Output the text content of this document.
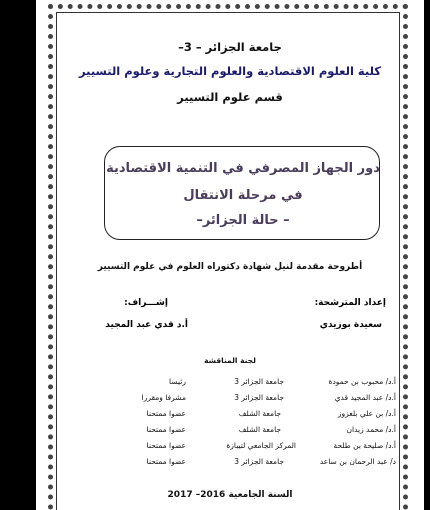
جامعة الجزائر – 3–
كلية العلوم الاقتصادية والعلوم التجارية وعلوم التسيير
قسم علوم التسيير
دور الجهاز المصرفي في التنمية الاقتصادية
في مرحلة الانتقال
– حالة الجزائر–
أطروحة مقدمة لنيل شهادة دكتوراه العلوم في علوم التسيير
إعداد المترشحة:
سعيدة بوزيدي
إشـــراف:
أ.د قدي عبد المجيد
لجنة المناقشة
أ.د/ محبوب بن حمودة
جامعة الجزائر 3
رئيسا
أ.د/ عبد المجيد قدي
جامعة الجزائر 3
مشرفا ومقررا
أ.د/ بن علي بلعزوز
جامعة الشلف
عضوا ممتحنا
أ.د/ محمد زيدان
جامعة الشلف
عضوا ممتحنا
أ.د/ صليحة بن طلحة
المركز الجامعي لتيبازة
عضوا ممتحنا
د/ عبد الرحمان بن ساعد
جامعة الجزائر 3
عضوا ممتحنا
السنة الجامعية 2016– 2017
